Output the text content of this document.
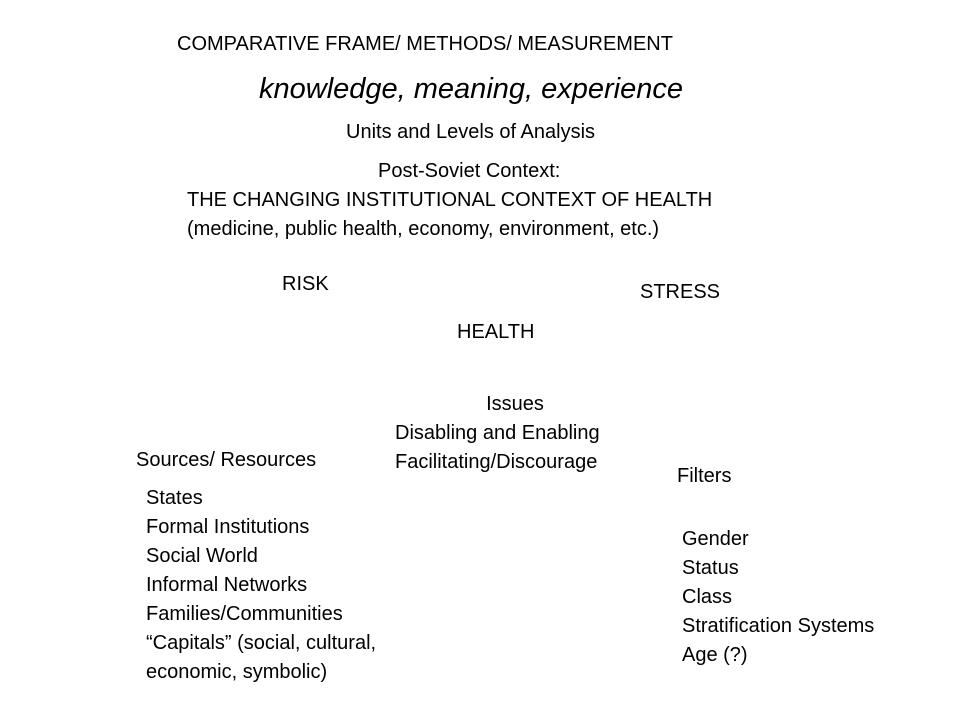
COMPARATIVE FRAME/ METHODS/ MEASUREMENT
knowledge, meaning, experience
Units and Levels of Analysis
Post-Soviet Context:
THE CHANGING INSTITUTIONAL CONTEXT OF HEALTH
(medicine, public health, economy, environment, etc.)
RISK	STRESS
HEALTH
Issues
Disabling and Enabling
Facilitating/Discourage
Sources/ Resources
States
Formal Institutions
Social World
Informal Networks
Families/Communities
“Capitals” (social, cultural,
economic, symbolic)
Filters
Gender
Status
Class
Stratification Systems
Age (?)
